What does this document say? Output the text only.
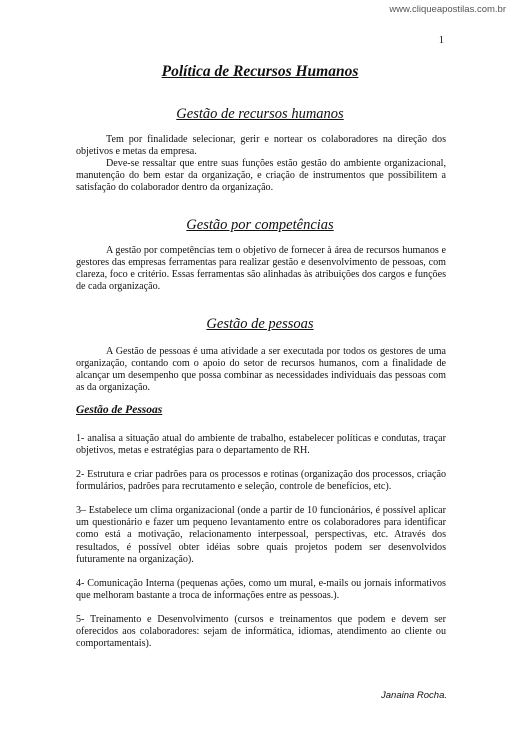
www.cliqueapostilas.com.br
1
Política de Recursos Humanos
Gestão de recursos humanos

Tem por finalidade selecionar, gerir e nortear os colaboradores na direção dos objetivos e metas da empresa.
Deve-se ressaltar que entre suas funções estão gestão do ambiente organizacional, manutenção do bem estar da organização, e criação de instrumentos que possibilitem a satisfação do colaborador dentro da organização.

Gestão por competências

A gestão por competências tem o objetivo de fornecer à área de recursos humanos e gestores das empresas ferramentas para realizar gestão e desenvolvimento de pessoas, com clareza, foco e critério. Essas ferramentas são alinhadas às atribuições dos cargos e funções de cada organização.

Gestão de pessoas

A Gestão de pessoas é uma atividade a ser executada por todos os gestores de uma organização, contando com o apoio do setor de recursos humanos, com a finalidade de alcançar um desempenho que possa combinar as necessidades individuais das pessoas com as da organização.

Gestão de Pessoas

1- analisa a situação atual do ambiente de trabalho, estabelecer políticas e condutas, traçar objetivos, metas e estratégias para o departamento de RH.

2- Estrutura e criar padrões para os processos e rotinas (organização dos processos, criação formulários, padrões para recrutamento e seleção, controle de benefícios, etc).

3– Estabelece um clima organizacional (onde a partir de 10 funcionários, é possível aplicar um questionário e fazer um pequeno levantamento entre os colaboradores para identificar como está a motivação, relacionamento interpessoal, perspectivas, etc. Através dos resultados, é possível obter idéias sobre quais projetos podem ser desenvolvidos futuramente na organização).

4- Comunicação Interna (pequenas ações, como um mural, e-mails ou jornais informativos que melhoram bastante a troca de informações entre as pessoas.).

5- Treinamento e Desenvolvimento (cursos e treinamentos que podem e devem ser oferecidos aos colaboradores: sejam de informática, idiomas, atendimento ao cliente ou comportamentais).

Janaina Rocha.
